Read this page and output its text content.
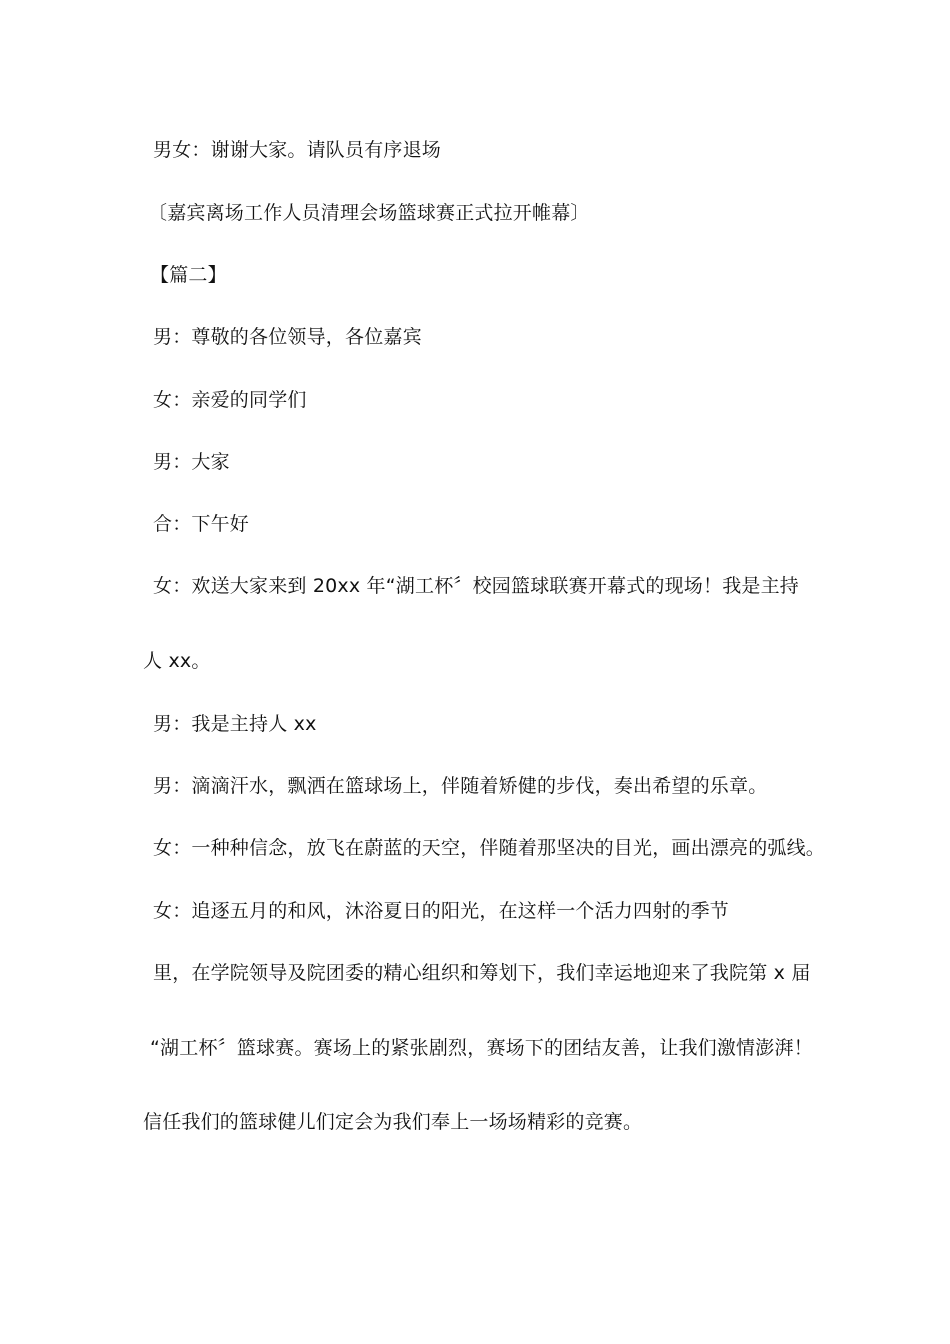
男女：谢谢大家。请队员有序退场
〔嘉宾离场工作人员清理会场篮球赛正式拉开帷幕〕
【篇二】
男：尊敬的各位领导，各位嘉宾
女：亲爱的同学们
男：大家
合：下午好
女：欢送大家来到 20xx 年“湖工杯〞校园篮球联赛开幕式的现场！我是主持
人 xx。
男：我是主持人 xx
男：滴滴汗水，飘洒在篮球场上，伴随着矫健的步伐，奏出希望的乐章。
女：一种种信念，放飞在蔚蓝的天空，伴随着那坚决的目光，画出漂亮的弧线。
女：追逐五月的和风，沐浴夏日的阳光，在这样一个活力四射的季节
里，在学院领导及院团委的精心组织和筹划下，我们幸运地迎来了我院第 x 届
“湖工杯〞篮球赛。赛场上的紧张剧烈，赛场下的团结友善，让我们激情澎湃！
信任我们的篮球健儿们定会为我们奉上一场场精彩的竞赛。
